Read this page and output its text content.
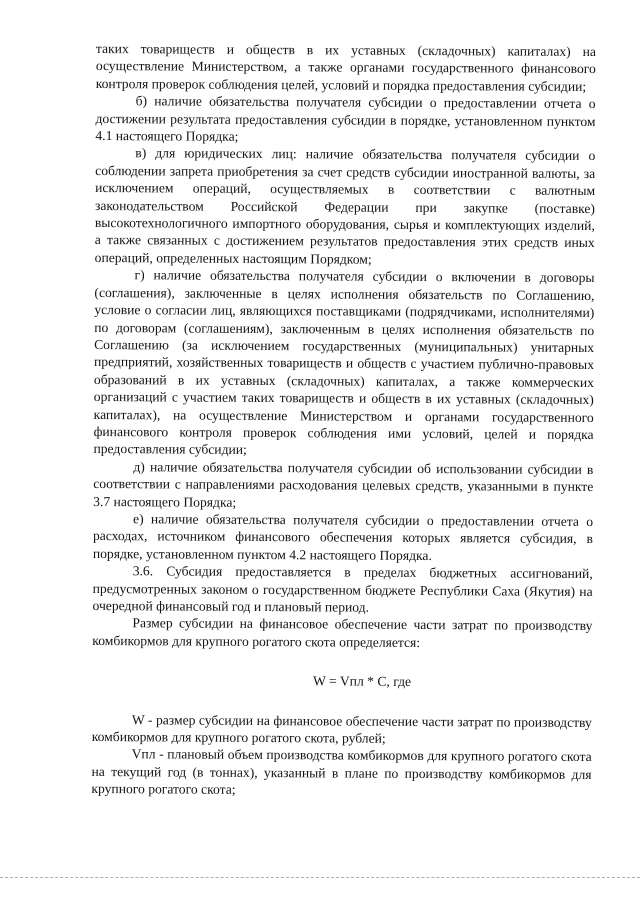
таких товариществ и обществ в их уставных (складочных) капиталах) на осуществление Министерством, а также органами государственного финансового контроля проверок соблюдения целей, условий и порядка предоставления субсидии;

б) наличие обязательства получателя субсидии о предоставлении отчета о достижении результата предоставления субсидии в порядке, установленном пунктом 4.1 настоящего Порядка;

в) для юридических лиц: наличие обязательства получателя субсидии о соблюдении запрета приобретения за счет средств субсидии иностранной валюты, за исключением операций, осуществляемых в соответствии с валютным законодательством Российской Федерации при закупке (поставке) высокотехнологичного импортного оборудования, сырья и комплектующих изделий, а также связанных с достижением результатов предоставления этих средств иных операций, определенных настоящим Порядком;

г) наличие обязательства получателя субсидии о включении в договоры (соглашения), заключенные в целях исполнения обязательств по Соглашению, условие о согласии лиц, являющихся поставщиками (подрядчиками, исполнителями) по договорам (соглашениям), заключенным в целях исполнения обязательств по Соглашению (за исключением государственных (муниципальных) унитарных предприятий, хозяйственных товариществ и обществ с участием публично-правовых образований в их уставных (складочных) капиталах, а также коммерческих организаций с участием таких товариществ и обществ в их уставных (складочных) капиталах), на осуществление Министерством и органами государственного финансового контроля проверок соблюдения ими условий, целей и порядка предоставления субсидии;

д) наличие обязательства получателя субсидии об использовании субсидии в соответствии с направлениями расходования целевых средств, указанными в пункте 3.7 настоящего Порядка;

е) наличие обязательства получателя субсидии о предоставлении отчета о расходах, источником финансового обеспечения которых является субсидия, в порядке, установленном пунктом 4.2 настоящего Порядка.

3.6. Субсидия предоставляется в пределах бюджетных ассигнований, предусмотренных законом о государственном бюджете Республики Саха (Якутия) на очередной финансовый год и плановый период.

Размер субсидии на финансовое обеспечение части затрат по производству комбикормов для крупного рогатого скота определяется:

W = Vпл * С, где

W - размер субсидии на финансовое обеспечение части затрат по производству комбикормов для крупного рогатого скота, рублей;

Vпл - плановый объем производства комбикормов для крупного рогатого скота на текущий год (в тоннах), указанный в плане по производству комбикормов для крупного рогатого скота;
